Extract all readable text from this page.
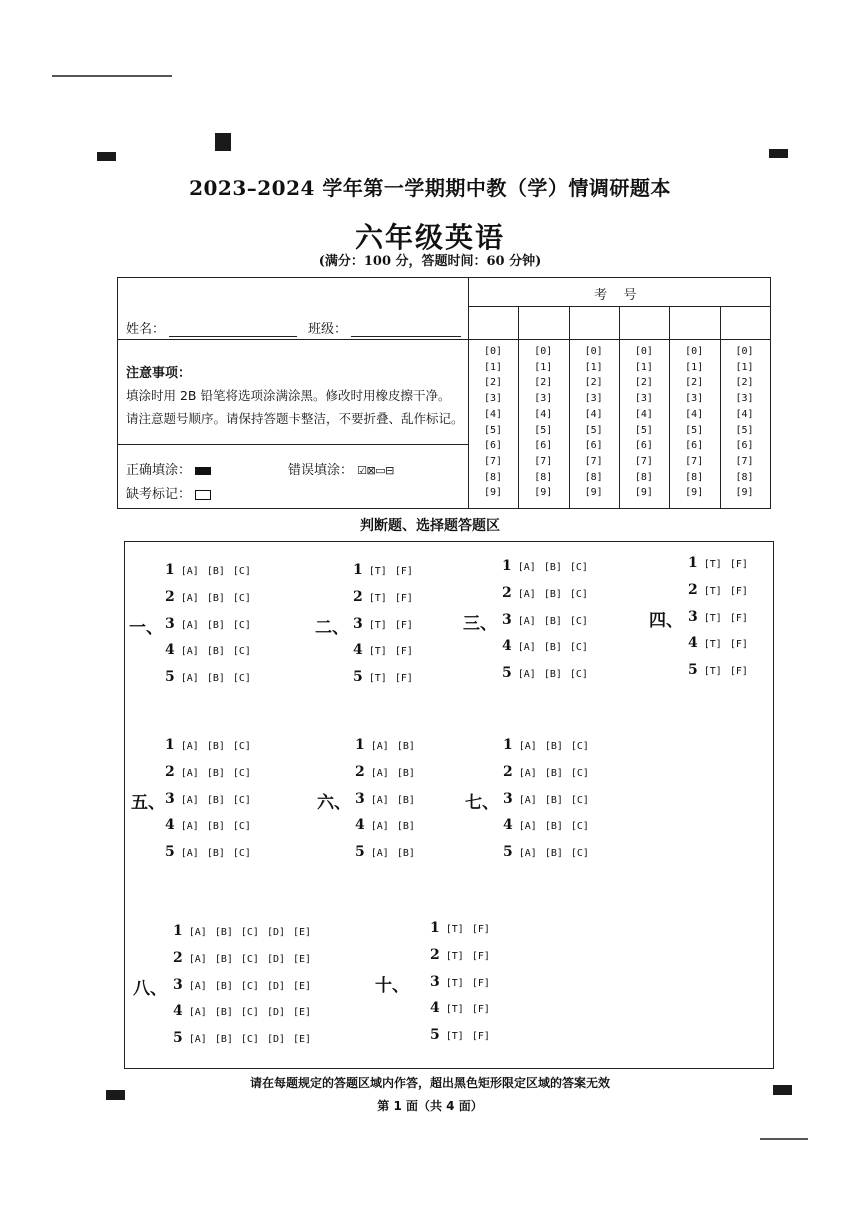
2023–2024 学年第一学期期中教（学）情调研题本
六年级英语
(满分：100 分，答题时间：60 分钟)
姓名：	班级：
注意事项：
填涂时用 2B 铅笔将选项涂满涂黑。修改时用橡皮擦干净。
请注意题号顺序。请保持答题卡整洁，不要折叠、乱作标记。
正确填涂：	错误填涂： ☑⊠▭⊟
缺考标记：
考    号
[0]
[1]
[2]
[3]
[4]
[5]
[6]
[7]
[8]
[9]
[0]
[1]
[2]
[3]
[4]
[5]
[6]
[7]
[8]
[9]
[0]
[1]
[2]
[3]
[4]
[5]
[6]
[7]
[8]
[9]
[0]
[1]
[2]
[3]
[4]
[5]
[6]
[7]
[8]
[9]
[0]
[1]
[2]
[3]
[4]
[5]
[6]
[7]
[8]
[9]
[0]
[1]
[2]
[3]
[4]
[5]
[6]
[7]
[8]
[9]
判断题、选择题答题区
一、
1 [A] [B] [C]
2 [A] [B] [C]
3 [A] [B] [C]
4 [A] [B] [C]
5 [A] [B] [C]
二、
1 [T] [F]
2 [T] [F]
3 [T] [F]
4 [T] [F]
5 [T] [F]
三、
1 [A] [B] [C]
2 [A] [B] [C]
3 [A] [B] [C]
4 [A] [B] [C]
5 [A] [B] [C]
四、
1 [T] [F]
2 [T] [F]
3 [T] [F]
4 [T] [F]
5 [T] [F]
五、
1 [A] [B] [C]
2 [A] [B] [C]
3 [A] [B] [C]
4 [A] [B] [C]
5 [A] [B] [C]
六、
1 [A] [B]
2 [A] [B]
3 [A] [B]
4 [A] [B]
5 [A] [B]
七、
1 [A] [B] [C]
2 [A] [B] [C]
3 [A] [B] [C]
4 [A] [B] [C]
5 [A] [B] [C]
八、
1 [A] [B] [C] [D] [E]
2 [A] [B] [C] [D] [E]
3 [A] [B] [C] [D] [E]
4 [A] [B] [C] [D] [E]
5 [A] [B] [C] [D] [E]
十、
1 [T] [F]
2 [T] [F]
3 [T] [F]
4 [T] [F]
5 [T] [F]
请在每题规定的答题区域内作答，超出黑色矩形限定区域的答案无效
第 1 面（共 4 面）
